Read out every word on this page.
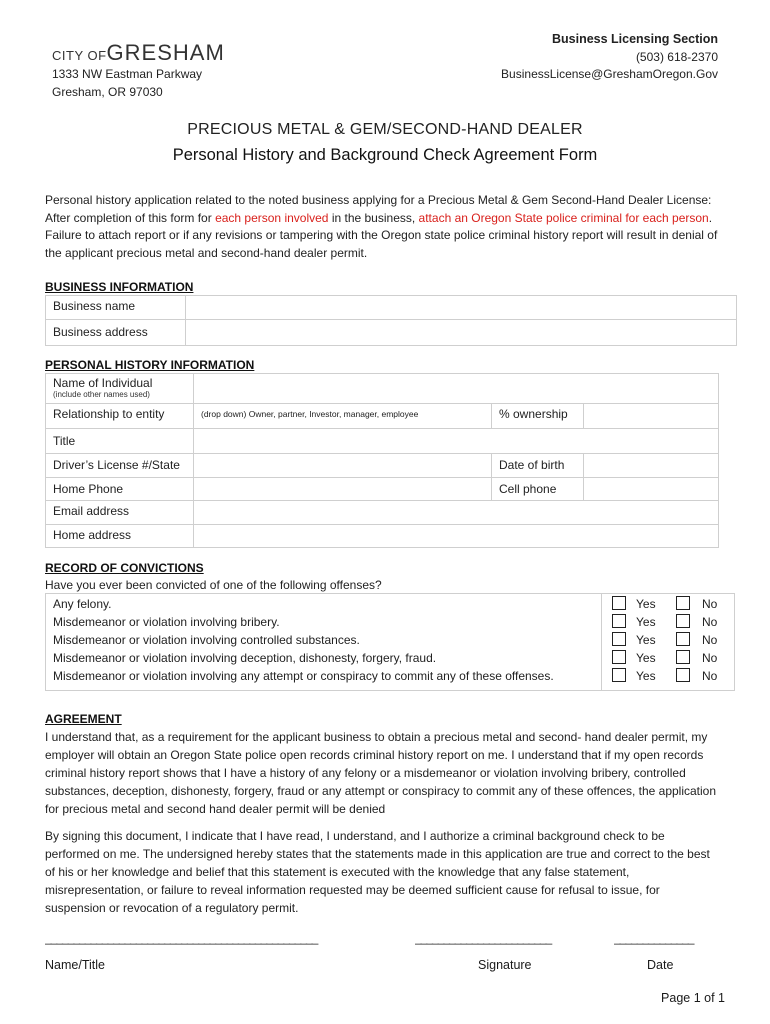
CITY OFGRESHAM
1333 NW Eastman Parkway
Gresham, OR 97030
Business Licensing Section
(503) 618-2370
BusinessLicense@GreshamOregon.Gov
PRECIOUS METAL & GEM/SECOND-HAND DEALER
Personal History and Background Check Agreement Form
Personal history application related to the noted business applying for a Precious Metal & Gem Second-Hand Dealer License: After completion of this form for each person involved in the business, attach an Oregon State police criminal for each person. Failure to attach report or if any revisions or tampering with the Oregon state police criminal history report will result in denial of the applicant precious metal and second-hand dealer permit.
BUSINESS INFORMATION
Business name	
Business address	
PERSONAL HISTORY INFORMATION
Name of Individual
(include other names used)			

Relationship to entity	(drop down) Owner, partner, Investor, manager, employee	% ownership	
Title			
Driver’s License #/State		Date of birth	
Home Phone		Cell phone	
Email address			
Home address			
RECORD OF CONVICTIONS
Have you ever been convicted of one of the following offenses?
Any felony.	Yes	No
Misdemeanor or violation involving bribery.	Yes	No
Misdemeanor or violation involving controlled substances.	Yes	No
Misdemeanor or violation involving deception, dishonesty, forgery, fraud.	Yes	No
Misdemeanor or violation involving any attempt or conspiracy to commit any of these offenses.	Yes	No
AGREEMENT
I understand that, as a requirement for the applicant business to obtain a precious metal and second- hand dealer permit, my employer will obtain an Oregon State police open records criminal history report on me. I understand that if my open records criminal history report shows that I have a history of any felony or a misdemeanor or violation involving bribery, controlled substances, deception, dishonesty, forgery, fraud or any attempt or conspiracy to commit any of these offences, the application for precious metal and second hand dealer permit will be denied
By signing this document, I indicate that I have read, I understand, and I authorize a criminal background check to be performed on me. The undersigned hereby states that the statements made in this application are true and correct to the best of his or her knowledge and belief that this statement is executed with the knowledge that any false statement, misrepresentation, or failure to reveal information requested may be deemed sufficient cause for refusal to issue, for suspension or revocation of a regulatory permit.
________________________________________________	________________________	______________
Name/Title	Signature	Date
Page 1 of 1
